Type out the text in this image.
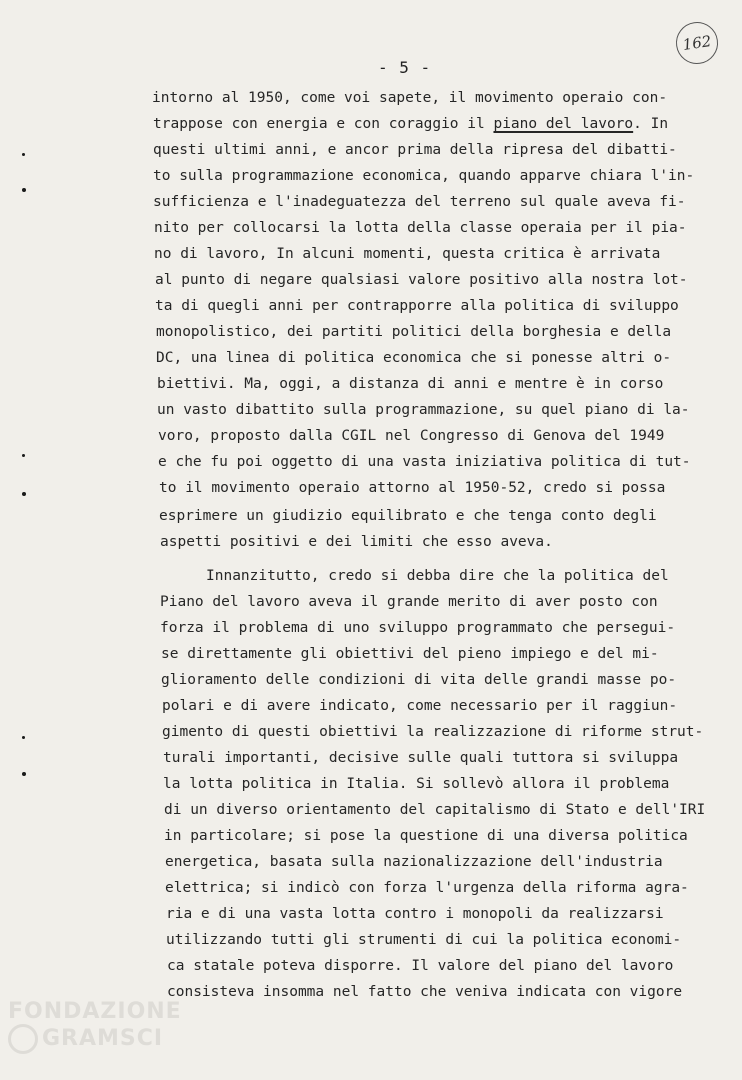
162
- 5 -
intorno al 1950, come voi sapete, il movimento operaio con-
trappose con energia e con coraggio il piano del lavoro. In
questi ultimi anni, e ancor prima della ripresa del dibatti-
to sulla programmazione economica, quando apparve chiara l'in-
sufficienza e l'inadeguatezza del terreno sul quale aveva fi-
nito per collocarsi la lotta della classe operaia per il pia-
no di lavoro, In alcuni momenti, questa critica è arrivata
al punto di negare qualsiasi valore positivo alla nostra lot-
ta di quegli anni per contrapporre alla politica di sviluppo
monopolistico, dei partiti politici della borghesia e della
DC, una linea di politica economica che si ponesse altri o-
biettivi. Ma, oggi, a distanza di anni e mentre è in corso
un vasto dibattito sulla programmazione, su quel piano di la-
voro, proposto dalla CGIL nel Congresso di Genova del 1949
e che fu poi oggetto di una vasta iniziativa politica di tut-
to il movimento operaio attorno al 1950-52, credo si possa
esprimere un giudizio equilibrato e che tenga conto degli
aspetti positivi e dei limiti che esso aveva.
Innanzitutto, credo si debba dire che la politica del
Piano del lavoro aveva il grande merito di aver posto con
forza il problema di uno sviluppo programmato che persegui-
se direttamente gli obiettivi del pieno impiego e del mi-
glioramento delle condizioni di vita delle grandi masse po-
polari e di avere indicato, come necessario per il raggiun-
gimento di questi obiettivi la realizzazione di riforme strut-
turali importanti, decisive sulle quali tuttora si sviluppa
la lotta politica in Italia. Si sollevò allora il problema
di un diverso orientamento del capitalismo di Stato e dell'IRI
in particolare; si pose la questione di una diversa politica
energetica, basata sulla nazionalizzazione dell'industria
elettrica; si indicò con forza l'urgenza della riforma agra-
ria e di una vasta lotta contro i monopoli da realizzarsi
utilizzando tutti gli strumenti di cui la politica economi-
ca statale poteva disporre. Il valore del piano del lavoro
consisteva insomma nel fatto che veniva indicata con vigore
FONDAZIONE
GRAMSCI
